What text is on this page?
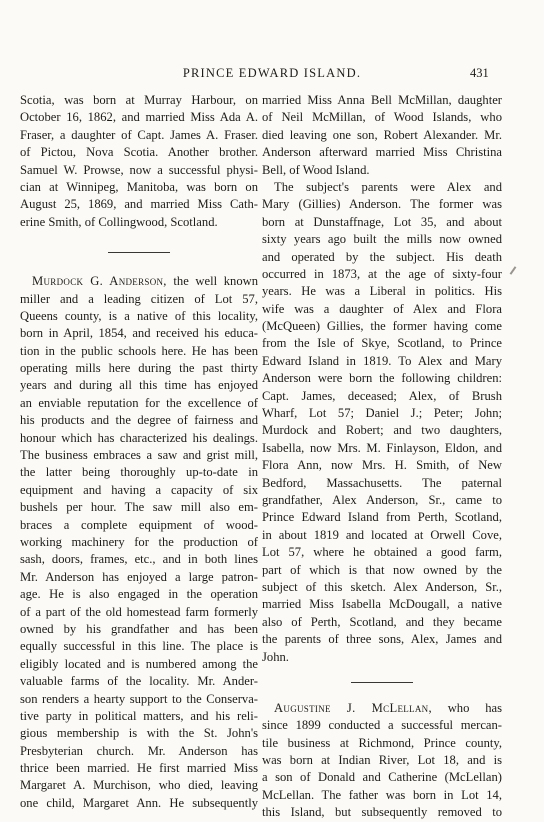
PRINCE EDWARD ISLAND.	431
Scotia, was born at Murray Harbour, on
October 16, 1862, and married Miss Ada A.
Fraser, a daughter of Capt. James A. Fraser.
of Pictou, Nova Scotia. Another brother.
Samuel W. Prowse, now a successful physi-
cian at Winnipeg, Manitoba, was born on
August 25, 1869, and married Miss Cath-
erine Smith, of Collingwood, Scotland.
Murdock G. Anderson, the well known
miller and a leading citizen of Lot 57,
Queens county, is a native of this locality,
born in April, 1854, and received his educa-
tion in the public schools here. He has been
operating mills here during the past thirty
years and during all this time has enjoyed
an enviable reputation for the excellence of
his products and the degree of fairness and
honour which has characterized his dealings.
The business embraces a saw and grist mill,
the latter being thoroughly up-to-date in
equipment and having a capacity of six
bushels per hour. The saw mill also em-
braces a complete equipment of wood-
working machinery for the production of
sash, doors, frames, etc., and in both lines
Mr. Anderson has enjoyed a large patron-
age. He is also engaged in the operation
of a part of the old homestead farm formerly
owned by his grandfather and has been
equally successful in this line. The place is
eligibly located and is numbered among the
valuable farms of the locality. Mr. Ander-
son renders a hearty support to the Conserva-
tive party in political matters, and his reli-
gious membership is with the St. John's
Presbyterian church. Mr. Anderson has
thrice been married. He first married Miss
Margaret A. Murchison, who died, leaving
one child, Margaret Ann. He subsequently
married Miss Anna Bell McMillan, daughter
of Neil McMillan, of Wood Islands, who
died leaving one son, Robert Alexander. Mr.
Anderson afterward married Miss Christina
Bell, of Wood Island.
The subject's parents were Alex and
Mary (Gillies) Anderson. The former was
born at Dunstaffnage, Lot 35, and about
sixty years ago built the mills now owned
and operated by the subject. His death
occurred in 1873, at the age of sixty-four
years. He was a Liberal in politics. His
wife was a daughter of Alex and Flora
(McQueen) Gillies, the former having come
from the Isle of Skye, Scotland, to Prince
Edward Island in 1819. To Alex and Mary
Anderson were born the following children:
Capt. James, deceased; Alex, of Brush
Wharf, Lot 57; Daniel J.; Peter; John;
Murdock and Robert; and two daughters,
Isabella, now Mrs. M. Finlayson, Eldon, and
Flora Ann, now Mrs. H. Smith, of New
Bedford, Massachusetts. The paternal
grandfather, Alex Anderson, Sr., came to
Prince Edward Island from Perth, Scotland,
in about 1819 and located at Orwell Cove,
Lot 57, where he obtained a good farm,
part of which is that now owned by the
subject of this sketch. Alex Anderson, Sr.,
married Miss Isabella McDougall, a native
also of Perth, Scotland, and they became
the parents of three sons, Alex, James and
John.
Augustine J. McLellan, who has
since 1899 conducted a successful mercan-
tile business at Richmond, Prince county,
was born at Indian River, Lot 18, and is
a son of Donald and Catherine (McLellan)
McLellan. The father was born in Lot 14,
this Island, but subsequently removed to
